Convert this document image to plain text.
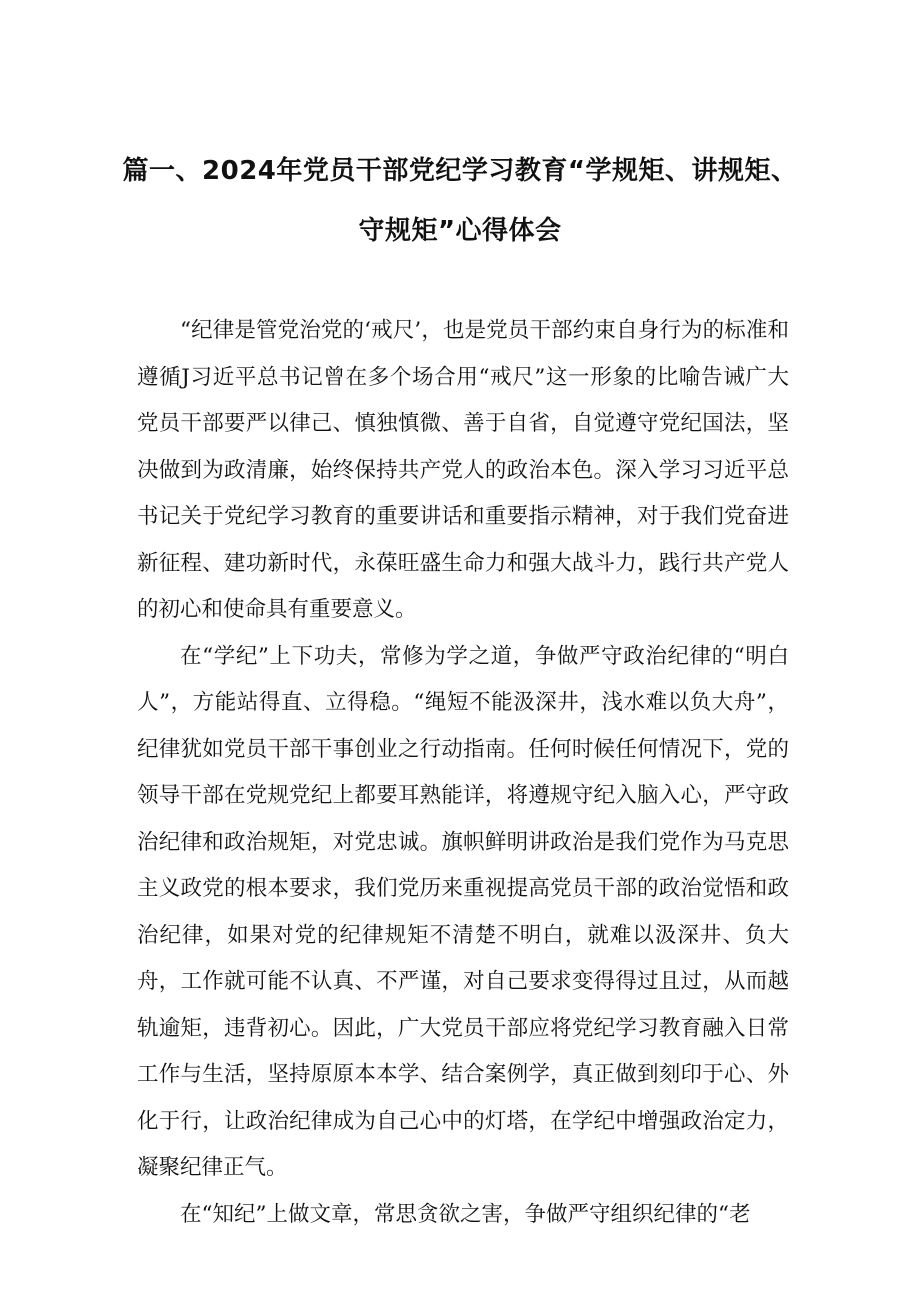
篇一、2024年党员干部党纪学习教育“学规矩、讲规矩、
守规矩”心得体会

“纪律是管党治党的‘戒尺’，也是党员干部约束自身行为的标准和遵循J习近平总书记曾在多个场合用“戒尺”这一形象的比喻告诫广大党员干部要严以律己、慎独慎微、善于自省，自觉遵守党纪国法，坚决做到为政清廉，始终保持共产党人的政治本色。深入学习习近平总书记关于党纪学习教育的重要讲话和重要指示精神，对于我们党奋进新征程、建功新时代，永葆旺盛生命力和强大战斗力，践行共产党人的初心和使命具有重要意义。

在“学纪”上下功夫，常修为学之道，争做严守政治纪律的“明白人”，方能站得直、立得稳。“绳短不能汲深井，浅水难以负大舟”，纪律犹如党员干部干事创业之行动指南。任何时候任何情况下，党的领导干部在党规党纪上都要耳熟能详，将遵规守纪入脑入心，严守政治纪律和政治规矩，对党忠诚。旗帜鲜明讲政治是我们党作为马克思主义政党的根本要求，我们党历来重视提高党员干部的政治觉悟和政治纪律，如果对党的纪律规矩不清楚不明白，就难以汲深井、负大舟，工作就可能不认真、不严谨，对自己要求变得得过且过，从而越轨逾矩，违背初心。因此，广大党员干部应将党纪学习教育融入日常工作与生活，坚持原原本本学、结合案例学，真正做到刻印于心、外化于行，让政治纪律成为自己心中的灯塔，在学纪中增强政治定力，凝聚纪律正气。

在“知纪”上做文章，常思贪欲之害，争做严守组织纪律的“老
